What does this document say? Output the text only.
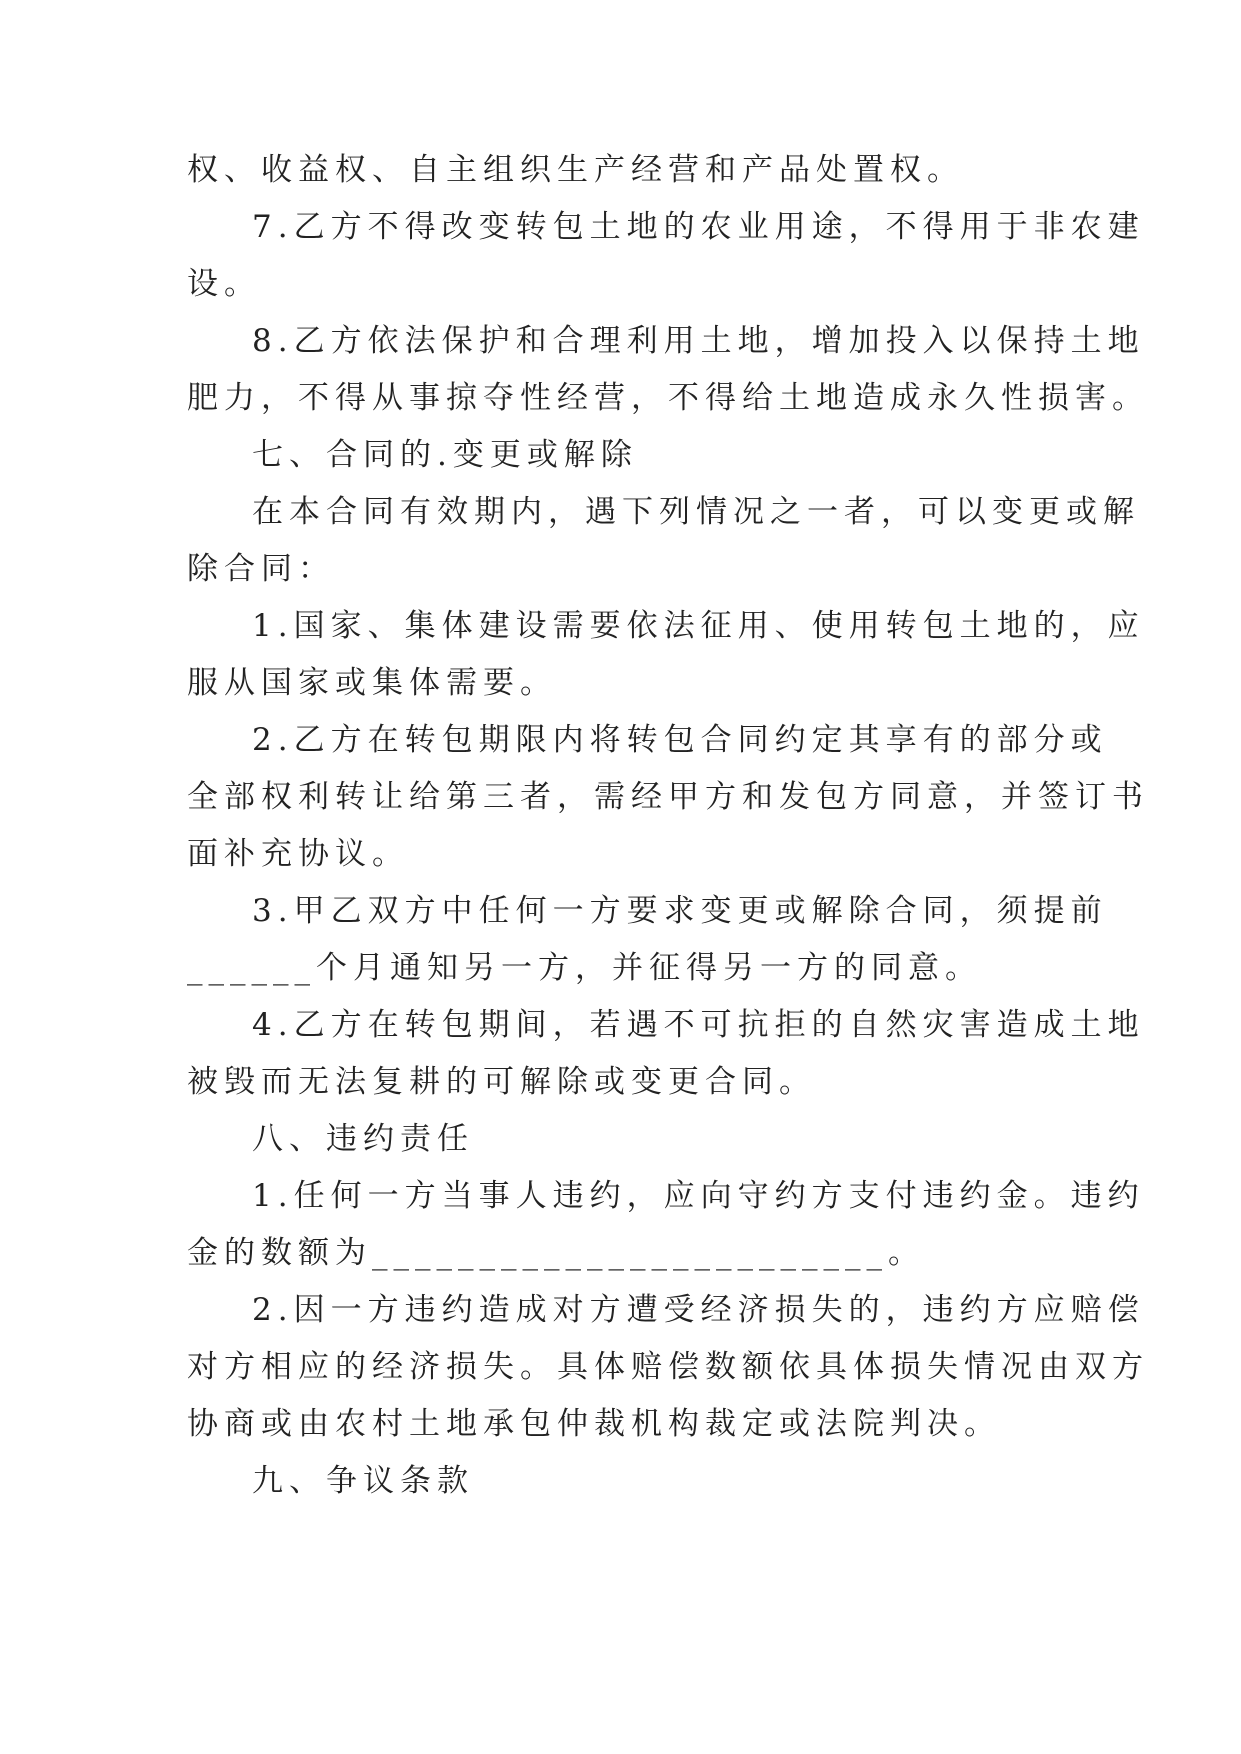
权、收益权、自主组织生产经营和产品处置权。
7.乙方不得改变转包土地的农业用途，不得用于非农建
设。
8.乙方依法保护和合理利用土地，增加投入以保持土地
肥力，不得从事掠夺性经营，不得给土地造成永久性损害。
七、合同的.变更或解除
在本合同有效期内，遇下列情况之一者，可以变更或解
除合同：
1.国家、集体建设需要依法征用、使用转包土地的，应
服从国家或集体需要。
2.乙方在转包期限内将转包合同约定其享有的部分或
全部权利转让给第三者，需经甲方和发包方同意，并签订书
面补充协议。
3.甲乙双方中任何一方要求变更或解除合同，须提前
______个月通知另一方，并征得另一方的同意。
4.乙方在转包期间，若遇不可抗拒的自然灾害造成土地
被毁而无法复耕的可解除或变更合同。
八、违约责任
1.任何一方当事人违约，应向守约方支付违约金。违约
金的数额为________________________。
2.因一方违约造成对方遭受经济损失的，违约方应赔偿
对方相应的经济损失。具体赔偿数额依具体损失情况由双方
协商或由农村土地承包仲裁机构裁定或法院判决。
九、争议条款
